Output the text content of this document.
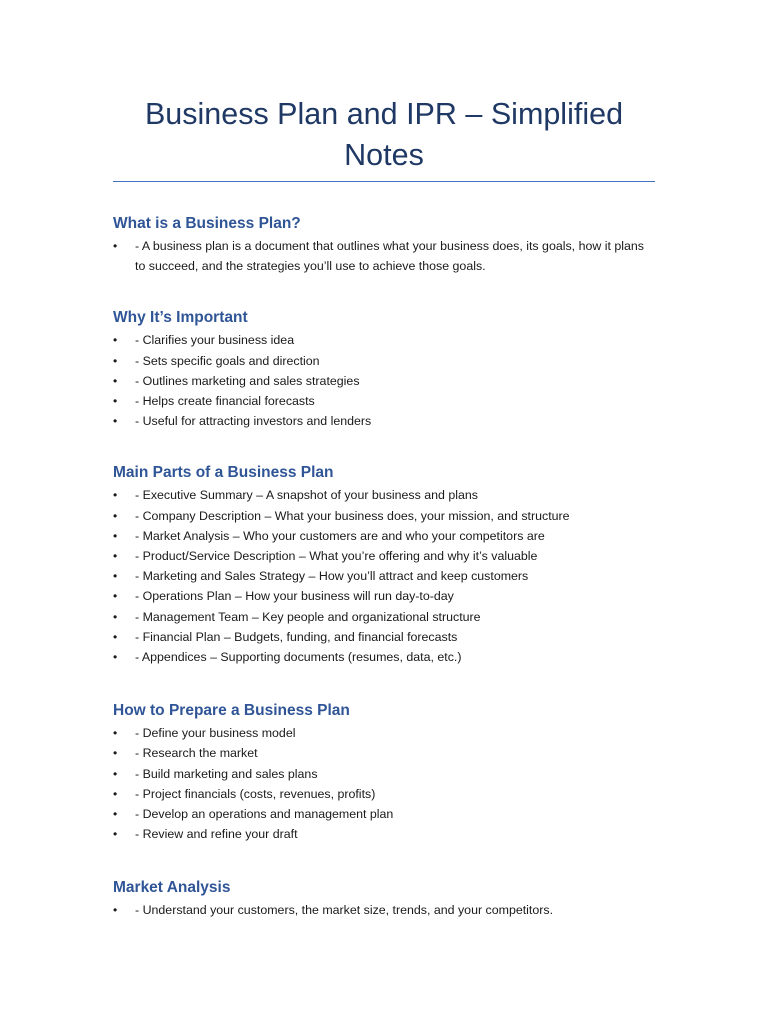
Business Plan and IPR – Simplified Notes
What is a Business Plan?
• - A business plan is a document that outlines what your business does, its goals, how it plans to succeed, and the strategies you’ll use to achieve those goals.
Why It’s Important
• - Clarifies your business idea
• - Sets specific goals and direction
• - Outlines marketing and sales strategies
• - Helps create financial forecasts
• - Useful for attracting investors and lenders
Main Parts of a Business Plan
• - Executive Summary – A snapshot of your business and plans
• - Company Description – What your business does, your mission, and structure
• - Market Analysis – Who your customers are and who your competitors are
• - Product/Service Description – What you’re offering and why it’s valuable
• - Marketing and Sales Strategy – How you’ll attract and keep customers
• - Operations Plan – How your business will run day-to-day
• - Management Team – Key people and organizational structure
• - Financial Plan – Budgets, funding, and financial forecasts
• - Appendices – Supporting documents (resumes, data, etc.)
How to Prepare a Business Plan
• - Define your business model
• - Research the market
• - Build marketing and sales plans
• - Project financials (costs, revenues, profits)
• - Develop an operations and management plan
• - Review and refine your draft
Market Analysis
• - Understand your customers, the market size, trends, and your competitors.
